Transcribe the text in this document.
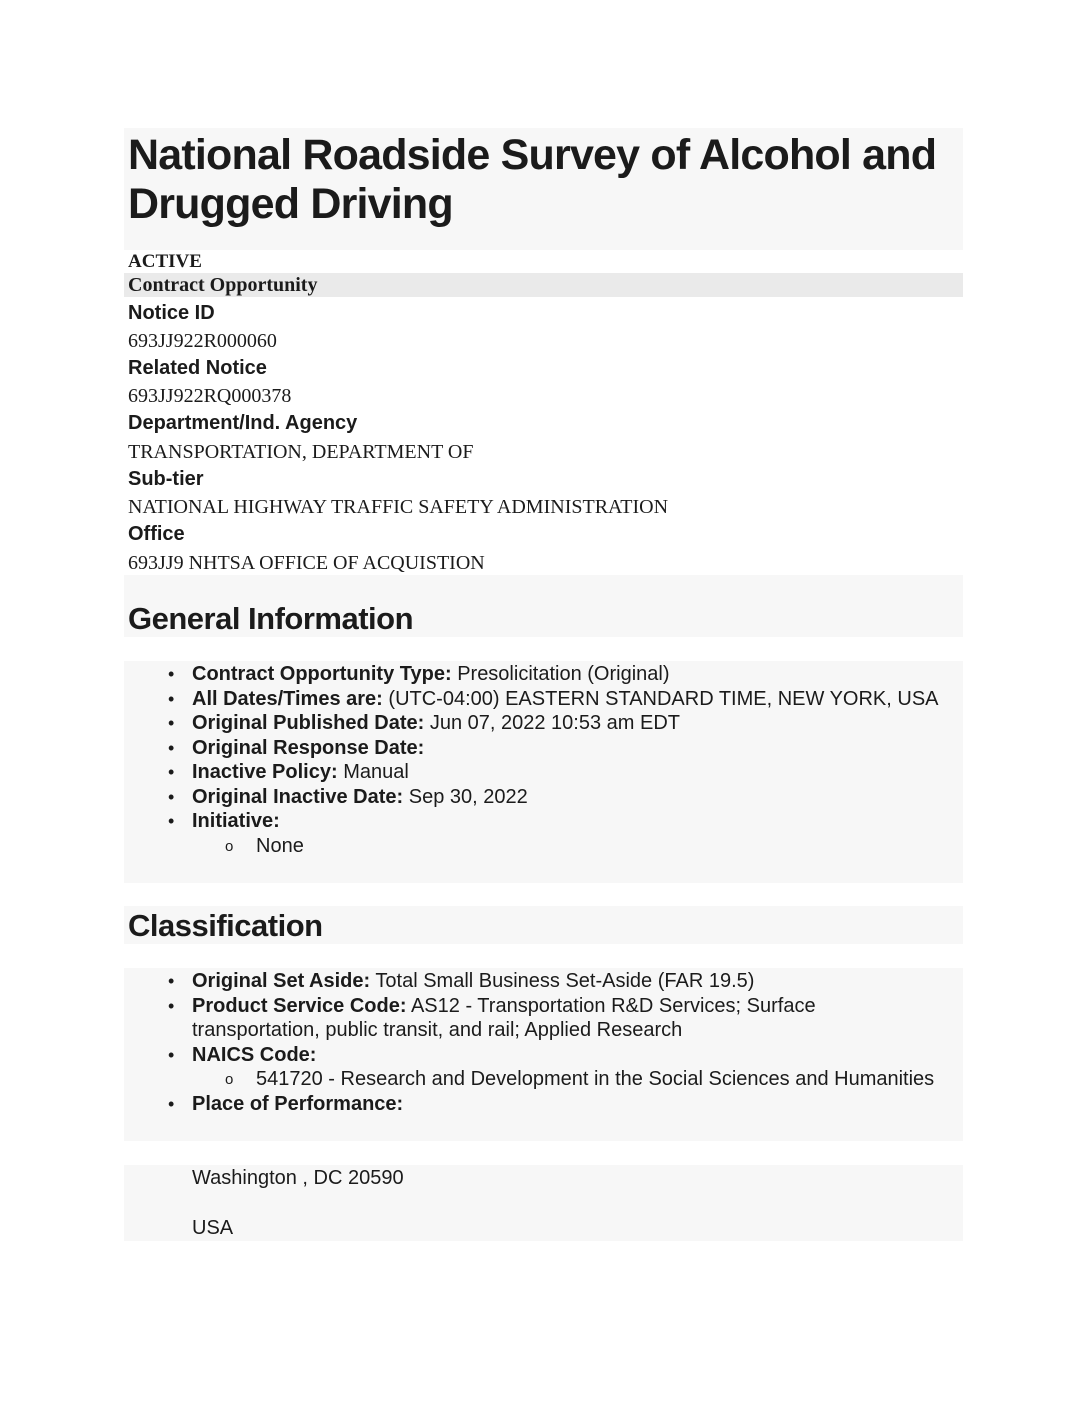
National Roadside Survey of Alcohol and Drugged Driving
ACTIVE
Contract Opportunity
Notice ID
693JJ922R000060
Related Notice
693JJ922RQ000378
Department/Ind. Agency
TRANSPORTATION, DEPARTMENT OF
Sub-tier
NATIONAL HIGHWAY TRAFFIC SAFETY ADMINISTRATION
Office
693JJ9 NHTSA OFFICE OF ACQUISTION
General Information
• Contract Opportunity Type: Presolicitation (Original)
• All Dates/Times are: (UTC-04:00) EASTERN STANDARD TIME, NEW YORK, USA
• Original Published Date: Jun 07, 2022 10:53 am EDT
• Original Response Date:
• Inactive Policy: Manual
• Original Inactive Date: Sep 30, 2022
• Initiative:
o None
Classification
• Original Set Aside: Total Small Business Set-Aside (FAR 19.5)
• Product Service Code: AS12 - Transportation R&D Services; Surface transportation, public transit, and rail; Applied Research
• NAICS Code:
o 541720 - Research and Development in the Social Sciences and Humanities
• Place of Performance:
Washington , DC 20590
USA
